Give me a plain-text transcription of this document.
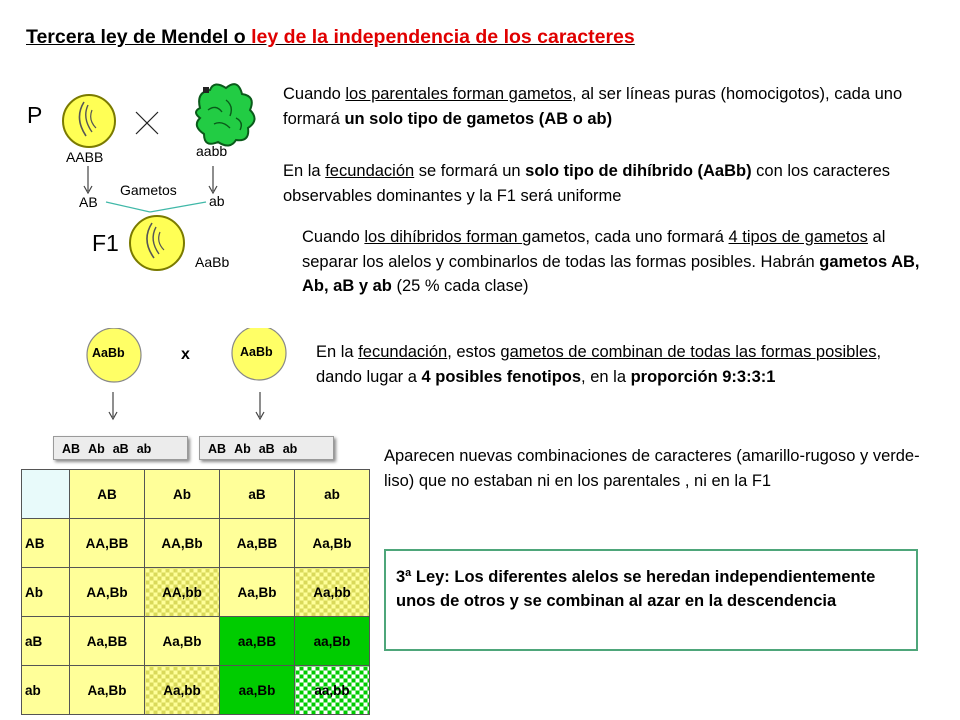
Tercera ley de Mendel o ley de la independencia de los caracteres
P
AABB	aabb
Gametos
AB	ab
F1
AaBb
Cuando los parentales forman gametos, al ser líneas puras (homocigotos), cada uno formará un solo tipo de gametos (AB o ab)
En la fecundación se formará un solo tipo de dihíbrido (AaBb) con los caracteres observables dominantes y la F1 será uniforme
Cuando los dihíbridos forman gametos, cada uno formará 4 tipos de gametos al separar los alelos y combinarlos de todas las formas posibles. Habrán gametos AB, Ab, aB y ab (25 % cada clase)
En la fecundación, estos gametos de combinan de todas las formas posibles, dando lugar a 4 posibles fenotipos, en la proporción 9:3:3:1
Aparecen nuevas combinaciones de caracteres (amarillo-rugoso y verde-liso) que no estaban ni en los parentales , ni en la F1
AaBb	AaBb
x
AB Ab aB ab	AB Ab aB ab
	AB	Ab	aB	ab
AB	AA,BB	AA,Bb	Aa,BB	Aa,Bb
Ab	AA,Bb	AA,bb	Aa,Bb	Aa,bb
aB	Aa,BB	Aa,Bb	aa,BB	aa,Bb
ab	Aa,Bb	Aa,bb	aa,Bb	aa,bb
3ª Ley: Los diferentes alelos se heredan independientemente unos de otros y se combinan al azar en la descendencia
